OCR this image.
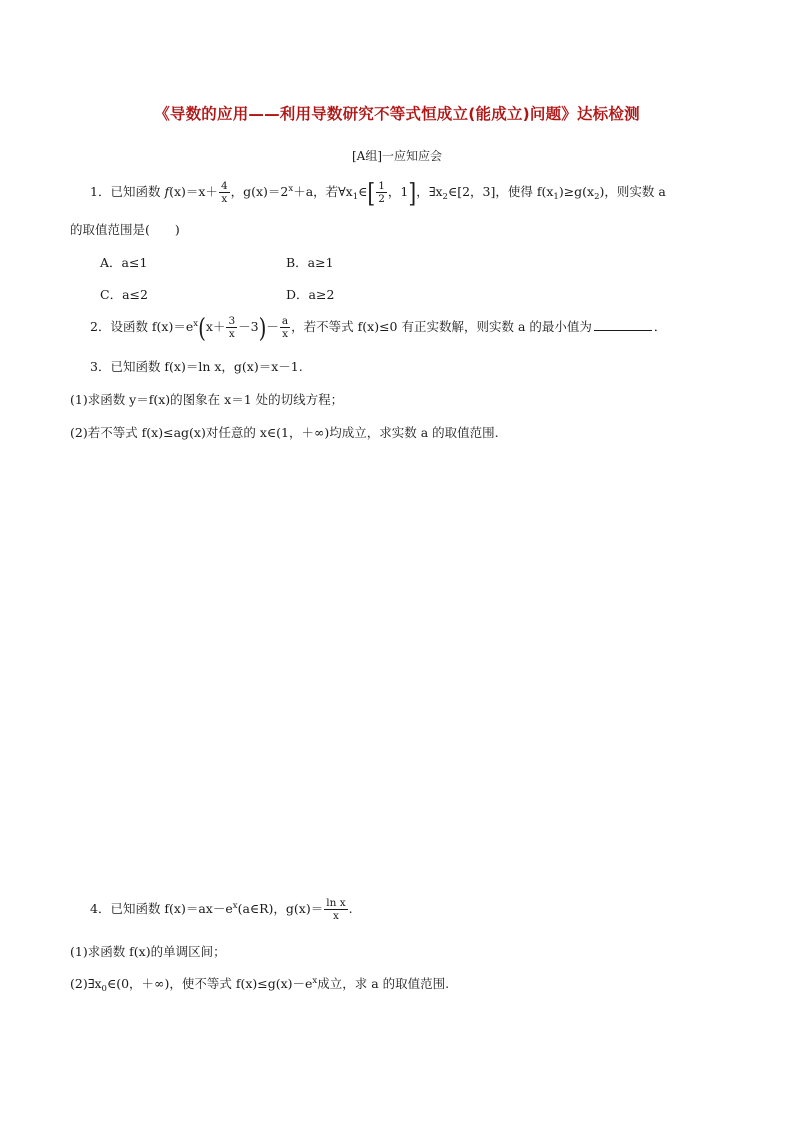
《导数的应用——利用导数研究不等式恒成立(能成立)问题》达标检测
[A组]一应知应会
1．已知函数 $f(x)=x+ \frac{4}{x}$ ，$g(x)=2^x+a$，若$\forall x_1\in[ \frac{1}{2}$ ，1]，$\exists x_2\in[2$，3]，使得 $f(x_1)\ge g(x_2)$，则实数 a
的取值范围是(　　)
A．a≤1	B．a≥1
C．a≤2	D．a≥2
2．设函数 $f(x)=e^x(x+ \frac{3}{x} -3)- \frac{a}{x}$ ，若不等式 f(x)≤0 有正实数解，则实数 a 的最小值为	．
3．已知函数 f(x)＝ln x，g(x)＝x－1.
(1)求函数 y＝f(x)的图象在 x＝1 处的切线方程；
(2)若不等式 f(x)≤ag(x)对任意的 x∈(1，＋∞)均成立，求实数 a 的取值范围.
4．已知函数 $f(x)=ax-e^x(a\in R)$，$g(x)= \frac{\text{ln x}}{x}$ .
(1)求函数 f(x)的单调区间；
$(2)\exists x_0\in(0$，＋∞)，使不等式 $f(x)\le g(x)-e^x$成立，求 a 的取值范围.
